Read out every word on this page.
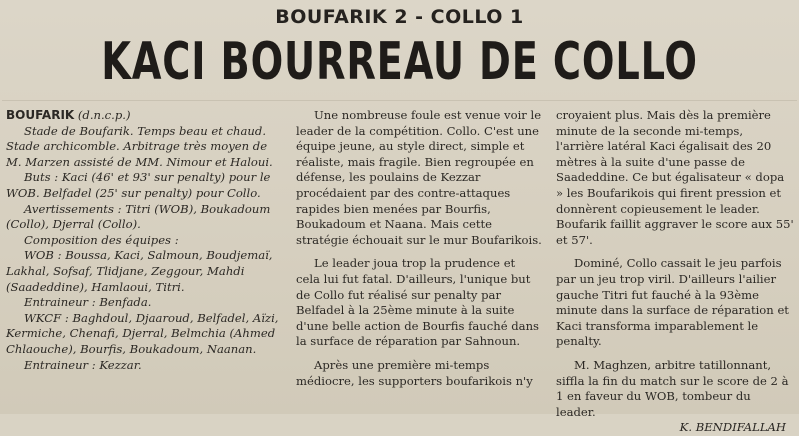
BOUFARIK 2 - COLLO 1
KACI BOURREAU DE COLLO

BOUFARIK (d.n.c.p.)

Stade de Boufarik. Temps beau et chaud. Stade archicomble. Arbitrage très moyen de M. Marzen assisté de MM. Nimour et Haloui.

Buts : Kaci (46' et 93' sur penalty) pour le WOB. Belfadel (25' sur penalty) pour Collo.

Avertissements : Titri (WOB), Boukadoum (Collo), Djerral (Collo).

Composition des équipes :

WOB : Boussa, Kaci, Salmoun, Boudjemaï, Lakhal, Sofsaf, Tlidjane, Zeggour, Mahdi (Saadeddine), Hamlaoui, Titri.

Entraineur : Benfada.

WKCF : Baghdoul, Djaaroud, Belfadel, Aïzi, Kermiche, Chenafi, Djerral, Belmchia (Ahmed Chlaouche), Bourfis, Boukadoum, Naanan.

Entraineur : Kezzar.

Une nombreuse foule est venue voir le leader de la compétition. Collo. C'est une équipe jeune, au style direct, simple et réaliste, mais fragile. Bien regroupée en défense, les poulains de Kezzar procédaient par des contre-attaques rapides bien menées par Bourfis, Boukadoum et Naana. Mais cette stratégie échouait sur le mur Boufarikois.

Le leader joua trop la prudence et cela lui fut fatal. D'ailleurs, l'unique but de Collo fut réalisé sur penalty par Belfadel à la 25ème minute à la suite d'une belle action de Bourfis fauché dans la surface de réparation par Sahnoun.

Après une première mi-temps médiocre, les supporters boufarikois n'y

croyaient plus. Mais dès la première minute de la seconde mi-temps, l'arrière latéral Kaci égalisait des 20 mètres à la suite d'une passe de Saadeddine. Ce but égalisateur « dopa » les Boufarikois qui firent pression et donnèrent copieusement le leader. Boufarik faillit aggraver le score aux 55' et 57'.

Dominé, Collo cassait le jeu parfois par un jeu trop viril. D'ailleurs l'ailier gauche Titri fut fauché à la 93ème minute dans la surface de réparation et Kaci transforma imparablement le penalty.

M. Maghzen, arbitre tatillonnant, siffla la fin du match sur le score de 2 à 1 en faveur du WOB, tombeur du leader.

K. BENDIFALLAH
